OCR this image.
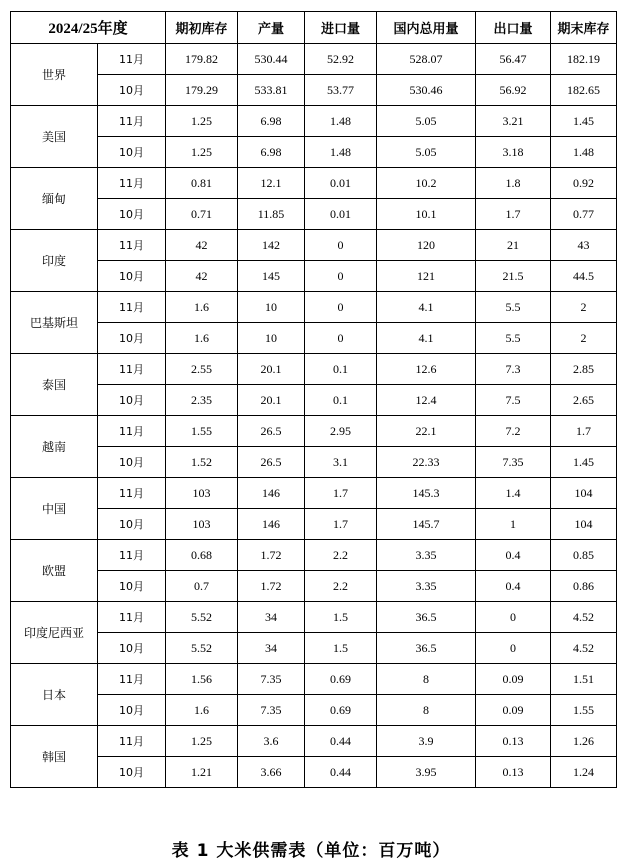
2024/25年度		期初库存	产量	进口量	国内总用量	出口量	期末库存
世界	11月	179.82	530.44	52.92	528.07	56.47	182.19
	10月	179.29	533.81	53.77	530.46	56.92	182.65
美国	11月	1.25	6.98	1.48	5.05	3.21	1.45
	10月	1.25	6.98	1.48	5.05	3.18	1.48
缅甸	11月	0.81	12.1	0.01	10.2	1.8	0.92
	10月	0.71	11.85	0.01	10.1	1.7	0.77
印度	11月	42	142	0	120	21	43
	10月	42	145	0	121	21.5	44.5
巴基斯坦	11月	1.6	10	0	4.1	5.5	2
	10月	1.6	10	0	4.1	5.5	2
泰国	11月	2.55	20.1	0.1	12.6	7.3	2.85
	10月	2.35	20.1	0.1	12.4	7.5	2.65
越南	11月	1.55	26.5	2.95	22.1	7.2	1.7
	10月	1.52	26.5	3.1	22.33	7.35	1.45
中国	11月	103	146	1.7	145.3	1.4	104
	10月	103	146	1.7	145.7	1	104
欧盟	11月	0.68	1.72	2.2	3.35	0.4	0.85
	10月	0.7	1.72	2.2	3.35	0.4	0.86
印度尼西亚	11月	5.52	34	1.5	36.5	0	4.52
	10月	5.52	34	1.5	36.5	0	4.52
日本	11月	1.56	7.35	0.69	8	0.09	1.51
	10月	1.6	7.35	0.69	8	0.09	1.55
韩国	11月	1.25	3.6	0.44	3.9	0.13	1.26
	10月	1.21	3.66	0.44	3.95	0.13	1.24
表 1 大米供需表（单位：百万吨）
